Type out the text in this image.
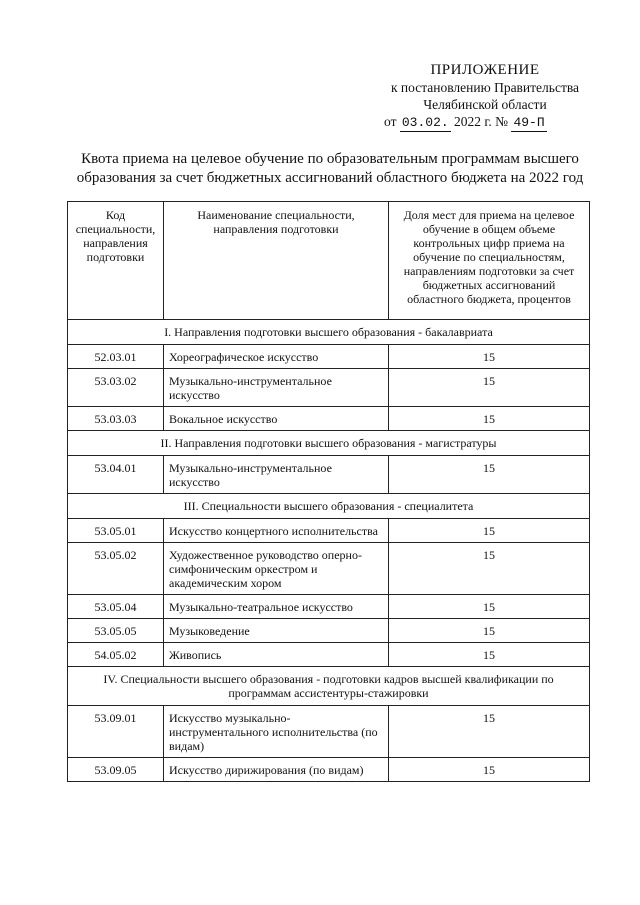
ПРИЛОЖЕНИЕ
к постановлению Правительства
Челябинской области
от 03.02. 2022 г. № 49-П
Квота приема на целевое обучение по образовательным программам высшего образования за счет бюджетных ассигнований областного бюджета на 2022 год
Код специальности, направления подготовки	Наименование специальности, направления подготовки	Доля мест для приема на целевое обучение в общем объеме контрольных цифр приема на обучение по специальностям, направлениям подготовки за счет бюджетных ассигнований областного бюджета, процентов
I. Направления подготовки высшего образования - бакалавриата		
52.03.01	Хореографическое искусство	15
53.03.02	Музыкально-инструментальное искусство	15
53.03.03	Вокальное искусство	15
II. Направления подготовки высшего образования - магистратуры		
53.04.01	Музыкально-инструментальное искусство	15
III. Специальности высшего образования - специалитета		
53.05.01	Искусство концертного исполнительства	15
53.05.02	Художественное руководство оперно-симфоническим оркестром и академическим хором	15
53.05.04	Музыкально-театральное искусство	15
53.05.05	Музыковедение	15
54.05.02	Живопись	15
IV. Специальности высшего образования - подготовки кадров высшей квалификации по программам ассистентуры-стажировки		
53.09.01	Искусство музыкально-инструментального исполнительства (по видам)	15
53.09.05	Искусство дирижирования (по видам)	15
